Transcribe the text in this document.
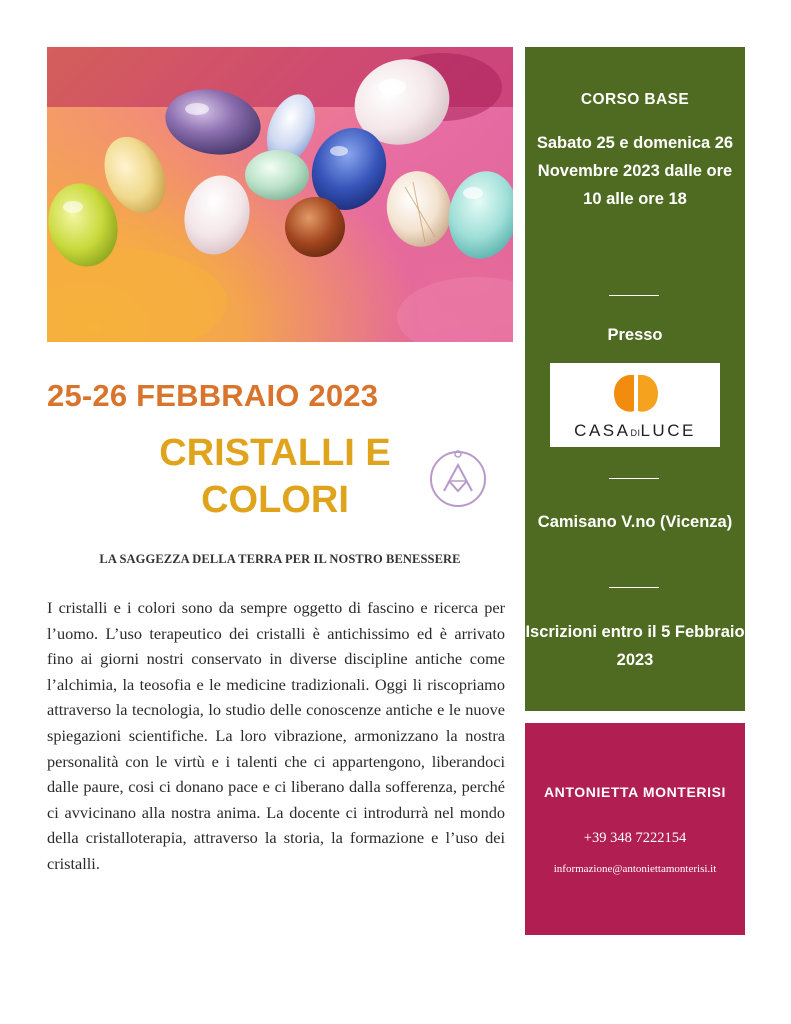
25-26 FEBBRAIO 2023
CRISTALLI E COLORI
LA SAGGEZZA DELLA TERRA PER IL NOSTRO BENESSERE
I cristalli e i colori sono da sempre oggetto di fascino e ricerca per l’uomo. L’uso terapeutico dei cristalli è antichissimo ed è arrivato fino ai giorni nostri conservato in diverse discipline antiche come l’alchimia, la teosofia e le medicine tradizionali. Oggi li riscopriamo attraverso la tecnologia, lo studio delle conoscenze antiche e le nuove spiegazioni scientifiche. La loro vibrazione, armonizzano la nostra personalità con le virtù e i talenti che ci appartengono, liberandoci dalle paure, cosi ci donano pace e ci liberano dalla sofferenza, perché ci avvicinano alla nostra anima. La docente ci introdurrà nel mondo della cristalloterapia, attraverso la storia, la formazione e l’uso dei cristalli.
CORSO BASE
Sabato 25 e domenica 26 Novembre 2023 dalle ore 10 alle ore 18
Presso
CASADILUCE
Camisano V.no (Vicenza)
Iscrizioni entro il 5 Febbraio 2023
ANTONIETTA MONTERISI
+39 348 7222154
informazione@antoniettamonterisi.it
